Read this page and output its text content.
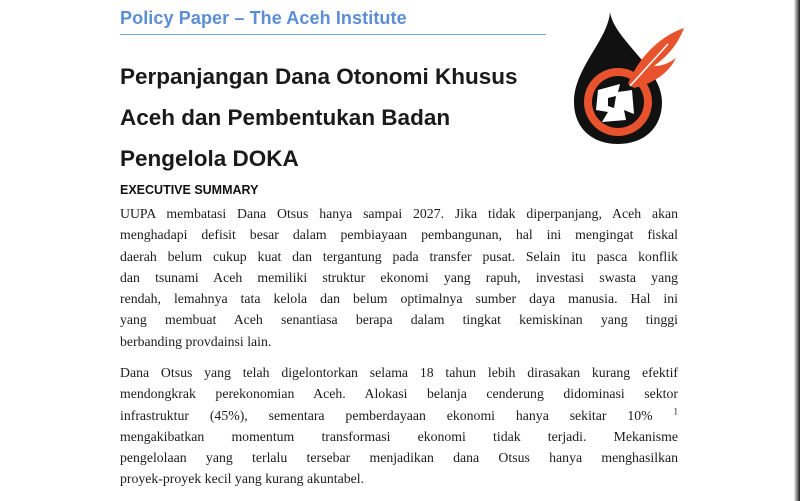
Policy Paper – The Aceh Institute
Perpanjangan Dana Otonomi Khusus
Aceh dan Pembentukan Badan
Pengelola DOKA
EXECUTIVE SUMMARY
UUPA membatasi Dana Otsus hanya sampai 2027. Jika tidak diperpanjang, Aceh akan
menghadapi defisit besar dalam pembiayaan pembangunan, hal ini mengingat fiskal
daerah belum cukup kuat dan tergantung pada transfer pusat. Selain itu pasca konflik
dan tsunami Aceh memiliki struktur ekonomi yang rapuh, investasi swasta yang
rendah, lemahnya tata kelola dan belum optimalnya sumber daya manusia. Hal ini
yang membuat Aceh senantiasa berapa dalam tingkat kemiskinan yang tinggi
berbanding provdainsi lain.
Dana Otsus yang telah digelontorkan selama 18 tahun lebih dirasakan kurang efektif
mendongkrak perekonomian Aceh. Alokasi belanja cenderung didominasi sektor
infrastruktur (45%), sementara pemberdayaan ekonomi hanya sekitar 10% $^1$
mengakibatkan momentum transformasi ekonomi tidak terjadi. Mekanisme
pengelolaan yang terlalu tersebar menjadikan dana Otsus hanya menghasilkan
proyek-proyek kecil yang kurang akuntabel.
